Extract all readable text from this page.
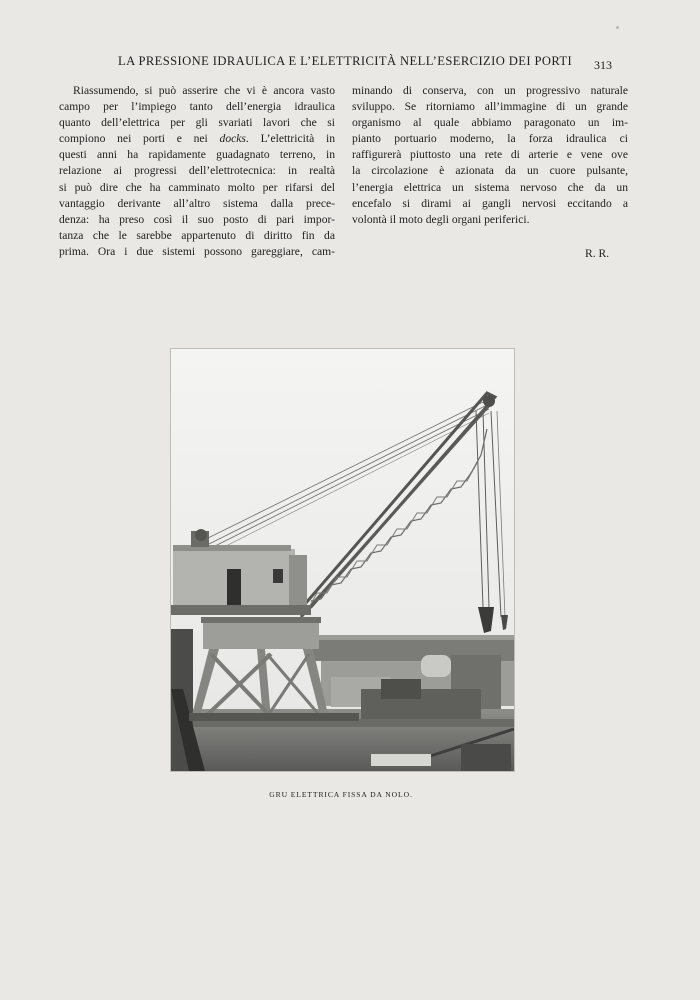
LA PRESSIONE IDRAULICA E L’ELETTRICITÀ NELL’ESERCIZIO DEI PORTI 313

Riassumendo, si può asserire che vi è ancora vasto

campo per l’impiego tanto dell’energia idraulica

quanto dell’elettrica per gli svariati lavori che si

compiono nei porti e nei docks. L’elettricità in

questi anni ha rapidamente guadagnato terreno, in

relazione ai progressi dell’elettrotecnica: in realtà

si può dire che ha camminato molto per rifarsi del

vantaggio derivante all’altro sistema dalla prece-

denza: ha preso così il suo posto di pari impor-

tanza che le sarebbe appartenuto di diritto fin da

prima. Ora i due sistemi possono gareggiare, cam-

minando di conserva, con un progressivo naturale

sviluppo. Se ritorniamo all’immagine di un grande

organismo al quale abbiamo paragonato un im-

pianto portuario moderno, la forza idraulica ci

raffigurerà piuttosto una rete di arterie e vene ove

la circolazione è azionata da un cuore pulsante,

l’energia elettrica un sistema nervoso che da un

encefalo si dirami ai gangli nervosi eccitando a

volontà il moto degli organi periferici.

R. R.
GRU ELETTRICA FISSA DA NOLO.
